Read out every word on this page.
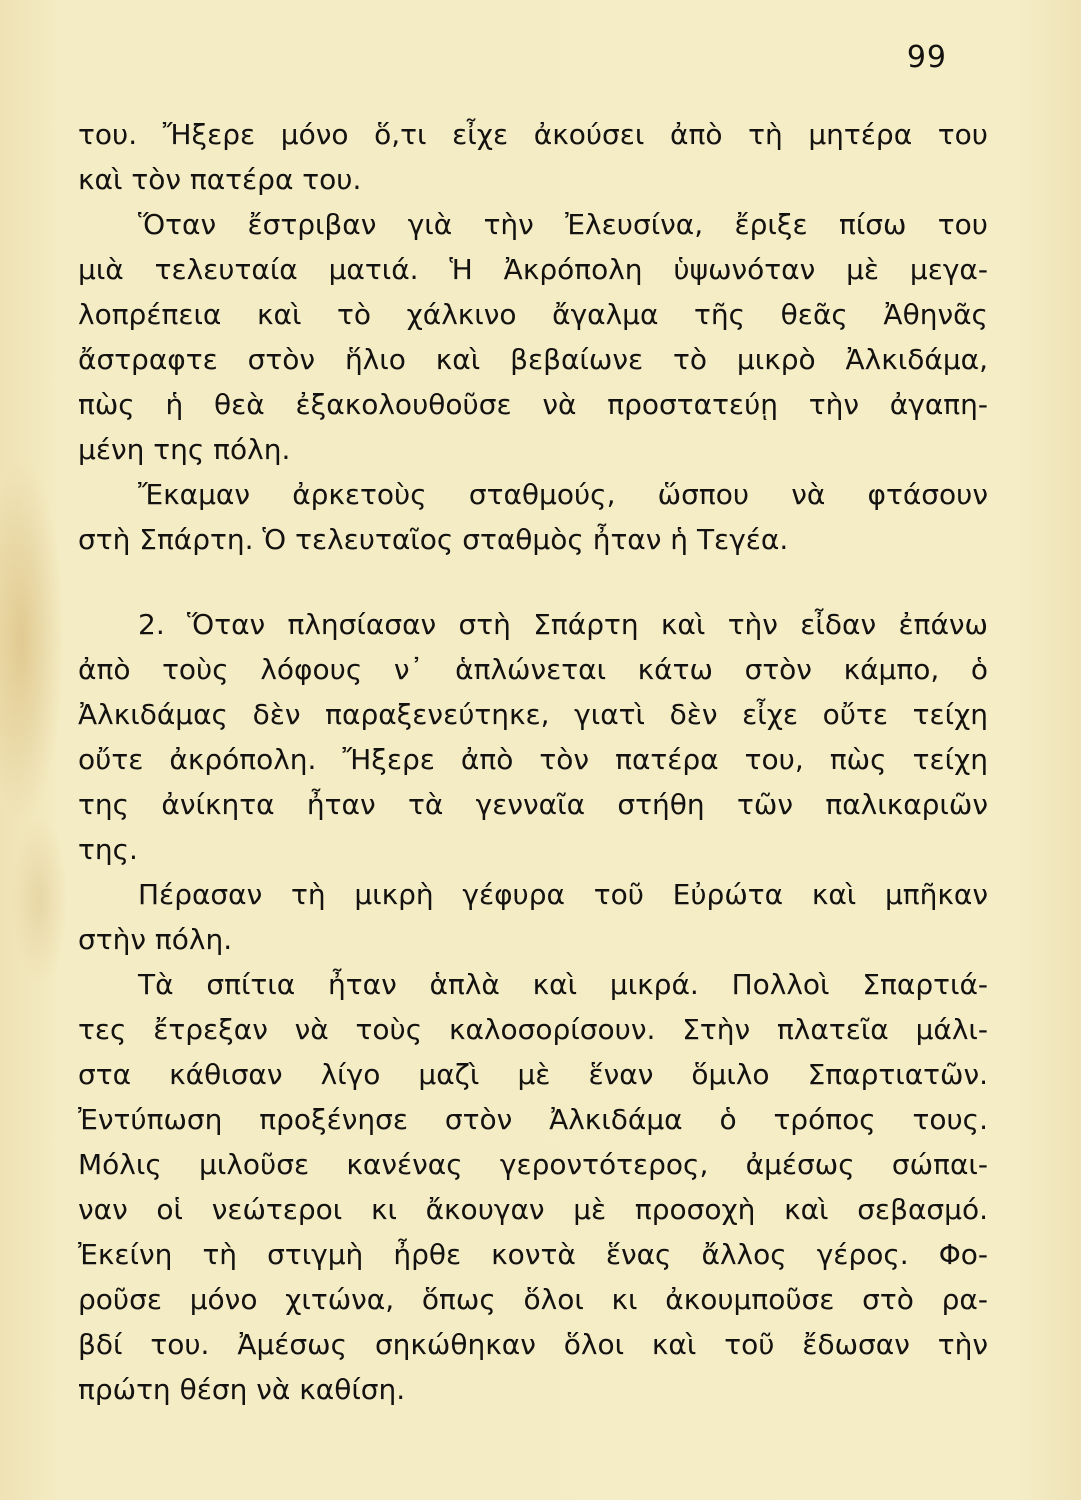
99
του. Ἤξερε μόνο ὅ,τι εἶχε ἀκούσει ἀπὸ τὴ μητέρα του
καὶ τὸν πατέρα του.
Ὅταν ἔστριβαν γιὰ τὴν Ἐλευσίνα, ἔριξε πίσω του
μιὰ τελευταία ματιά. Ἡ Ἀκρόπολη ὑψωνόταν μὲ μεγα-
λοπρέπεια καὶ τὸ χάλκινο ἄγαλμα τῆς θεᾶς Ἀθηνᾶς
ἄστραφτε στὸν ἥλιο καὶ βεβαίωνε τὸ μικρὸ Ἀλκιδάμα,
πὼς ἡ θεὰ ἐξακολουθοῦσε νὰ προστατεύῃ τὴν ἀγαπη-
μένη της πόλη.
Ἔκαμαν ἀρκετοὺς σταθμούς, ὥσπου νὰ φτάσουν
στὴ Σπάρτη. Ὁ τελευταῖος σταθμὸς ἦταν ἡ Τεγέα.
2. Ὅταν πλησίασαν στὴ Σπάρτη καὶ τὴν εἶδαν ἐπάνω
ἀπὸ τοὺς λόφους ν᾽ ἁπλώνεται κάτω στὸν κάμπο, ὁ
Ἀλκιδάμας δὲν παραξενεύτηκε, γιατὶ δὲν εἶχε οὔτε τείχη
οὔτε ἀκρόπολη. Ἤξερε ἀπὸ τὸν πατέρα του, πὼς τείχη
της ἀνίκητα ἦταν τὰ γενναῖα στήθη τῶν παλικαριῶν
της.
Πέρασαν τὴ μικρὴ γέφυρα τοῦ Εὐρώτα καὶ μπῆκαν
στὴν πόλη.
Τὰ σπίτια ἦταν ἁπλὰ καὶ μικρά. Πολλοὶ Σπαρτιά-
τες ἔτρεξαν νὰ τοὺς καλοσορίσουν. Στὴν πλατεῖα μάλι-
στα κάθισαν λίγο μαζὶ μὲ ἕναν ὅμιλο Σπαρτιατῶν.
Ἐντύπωση προξένησε στὸν Ἀλκιδάμα ὁ τρόπος τους.
Μόλις μιλοῦσε κανένας γεροντότερος, ἀμέσως σώπαι-
ναν οἱ νεώτεροι κι ἄκουγαν μὲ προσοχὴ καὶ σεβασμό.
Ἐκείνη τὴ στιγμὴ ἦρθε κοντὰ ἕνας ἄλλος γέρος. Φο-
ροῦσε μόνο χιτώνα, ὅπως ὅλοι κι ἀκουμποῦσε στὸ ρα-
βδί του. Ἀμέσως σηκώθηκαν ὅλοι καὶ τοῦ ἔδωσαν τὴν
πρώτη θέση νὰ καθίση.
